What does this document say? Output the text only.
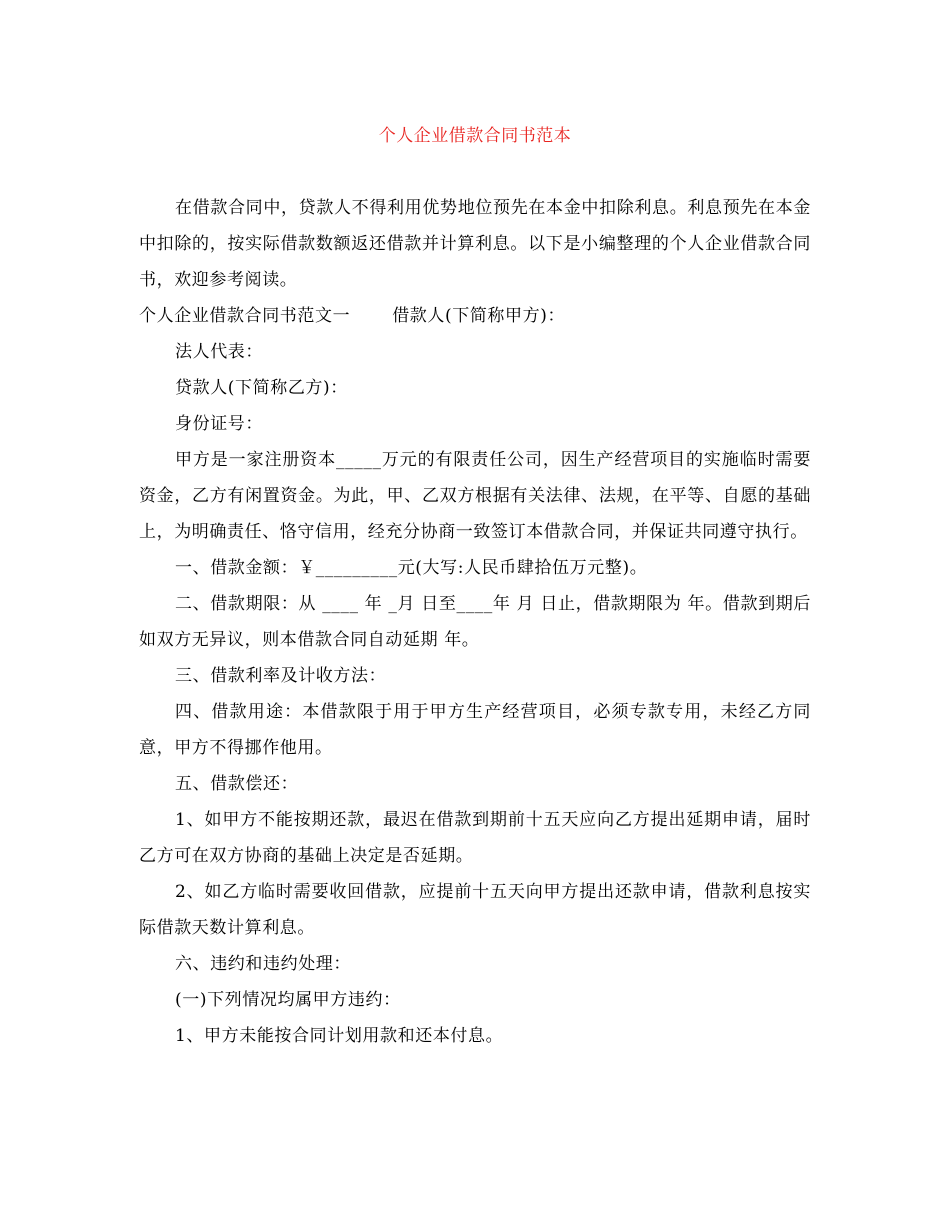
个人企业借款合同书范本

在借款合同中，贷款人不得利用优势地位预先在本金中扣除利息。利息预先在本金中扣除的，按实际借款数额返还借款并计算利息。以下是小编整理的个人企业借款合同书，欢迎参考阅读。

个人企业借款合同书范文一 借款人(下简称甲方)：

法人代表：

贷款人(下简称乙方)：

身份证号：

甲方是一家注册资本_____万元的有限责任公司，因生产经营项目的实施临时需要资金，乙方有闲置资金。为此，甲、乙双方根据有关法律、法规，在平等、自愿的基础上，为明确责任、恪守信用，经充分协商一致签订本借款合同，并保证共同遵守执行。

一、借款金额：￥_________元(大写:人民币肆拾伍万元整)。

二、借款期限：从 ____ 年 _月 日至____年 月 日止，借款期限为 年。借款到期后如双方无异议，则本借款合同自动延期 年。

三、借款利率及计收方法：

四、借款用途：本借款限于用于甲方生产经营项目，必须专款专用，未经乙方同意，甲方不得挪作他用。

五、借款偿还：

1、如甲方不能按期还款，最迟在借款到期前十五天应向乙方提出延期申请，届时乙方可在双方协商的基础上决定是否延期。

2、如乙方临时需要收回借款，应提前十五天向甲方提出还款申请，借款利息按实际借款天数计算利息。

六、违约和违约处理：

(一)下列情况均属甲方违约：

1、甲方未能按合同计划用款和还本付息。
